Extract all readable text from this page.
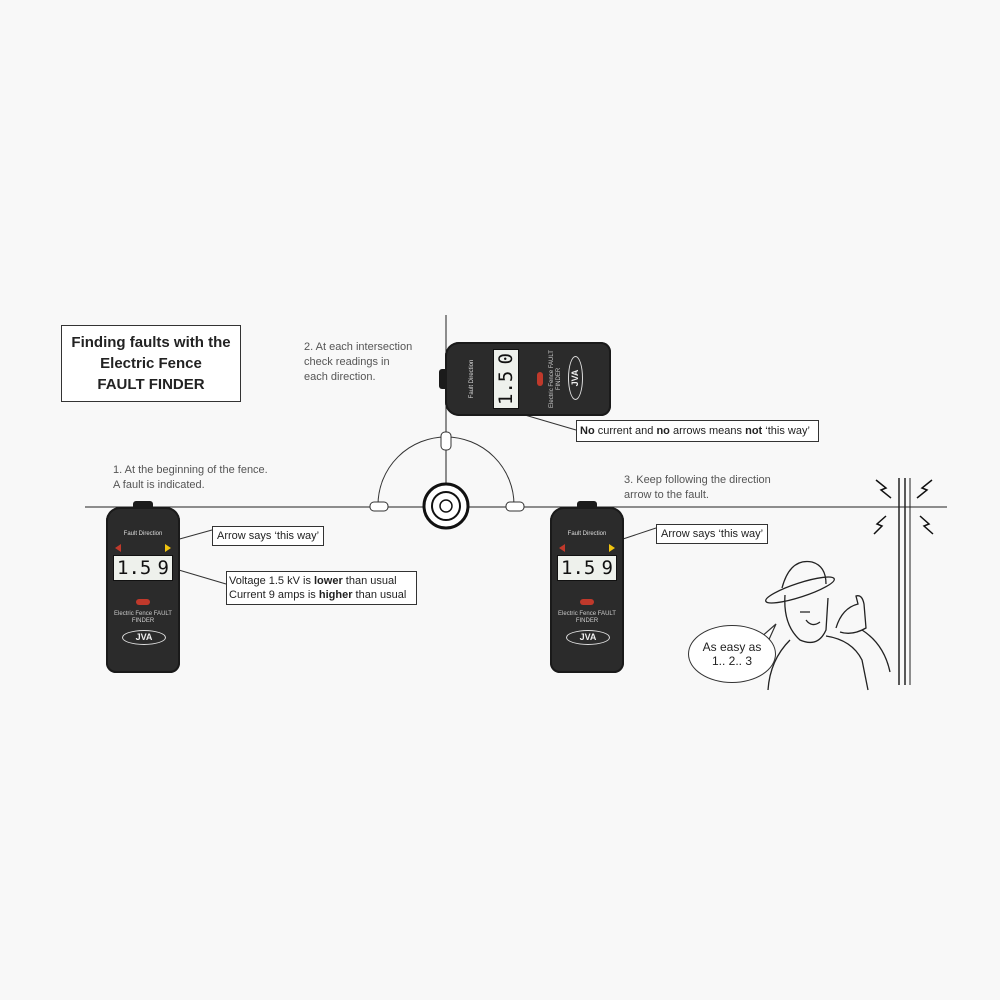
Finding faults with the
Electric Fence
FAULT FINDER
1. At the beginning of the fence.
A fault is indicated.
2. At each intersection
check readings in
each direction.
3. Keep following the direction
arrow to the fault.
Arrow says ‘this way’	Arrow says ‘this way’
Voltage 1.5 kV is lower than usual
Current 9 amps is higher than usual
No current and no arrows means not ‘this way’
Fault Direction
1.5 9
Electric Fence FAULT FINDER
JVA
Fault Direction 1.5
0	Electric Fence FAULT FINDER JVA
Fault Direction
1.5 9
Electric Fence FAULT FINDER
JVA
As easy as
1.. 2.. 3
